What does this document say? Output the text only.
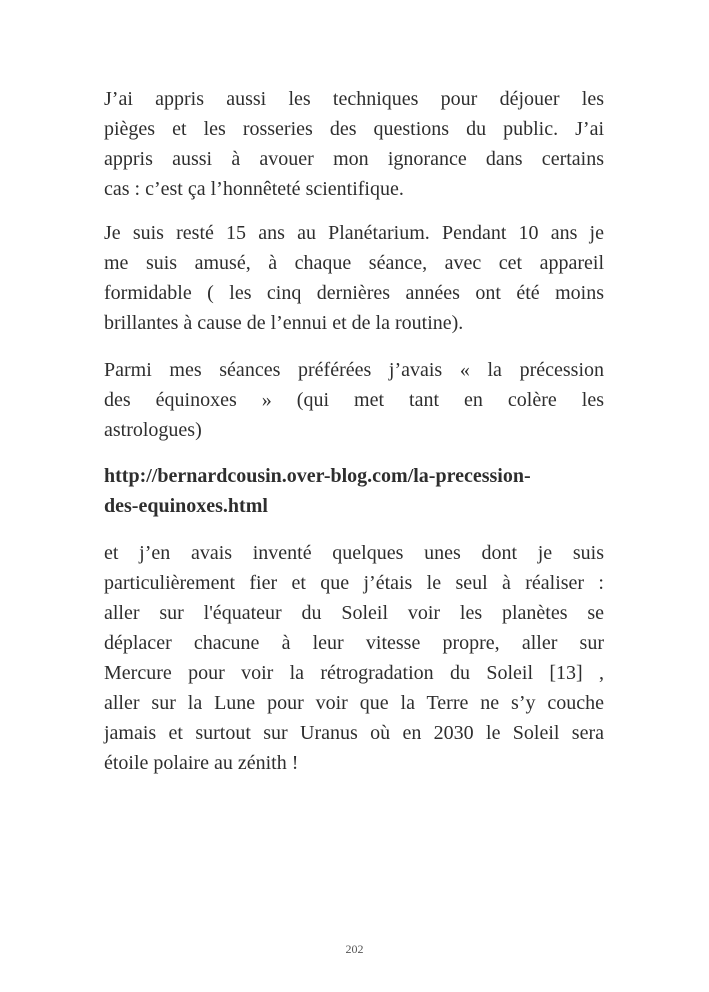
J’ai appris aussi les techniques pour déjouer les
pièges et les rosseries des questions du public. J’ai
appris aussi à avouer mon ignorance dans certains
cas : c’est ça l’honnêteté scientifique.

Je suis resté 15 ans au Planétarium. Pendant 10 ans je
me suis amusé, à chaque séance, avec cet appareil
formidable ( les cinq dernières années ont été moins
brillantes à cause de l’ennui et de la routine).

Parmi mes séances préférées j’avais « la précession
des équinoxes » (qui met tant en colère les
astrologues)

http://bernardcousin.over-blog.com/la-precession-
des-equinoxes.html

et j’en avais inventé quelques unes dont je suis
particulièrement fier et que j’étais le seul à réaliser :
aller sur l'équateur du Soleil voir les planètes se
déplacer chacune à leur vitesse propre, aller sur
Mercure pour voir la rétrogradation du Soleil [13] ,
aller sur la Lune pour voir que la Terre ne s’y couche
jamais et surtout sur Uranus où en 2030 le Soleil sera
étoile polaire au zénith !

202
